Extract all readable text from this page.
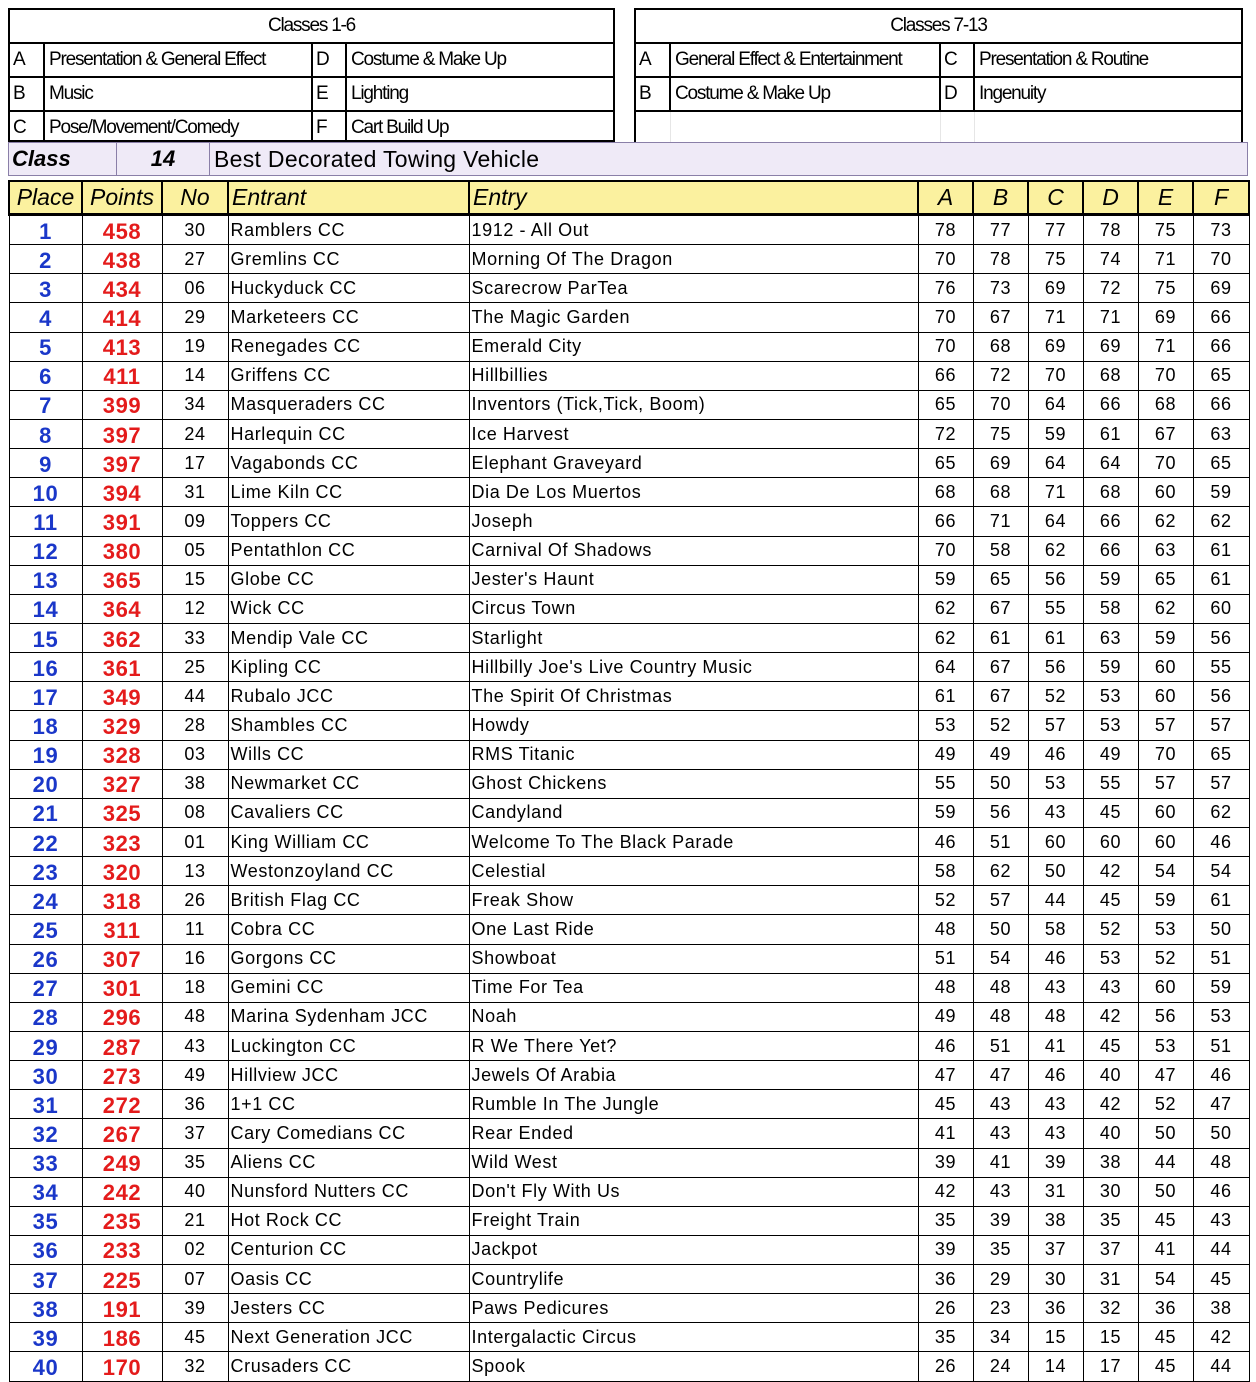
Classes 1-6			
A	Presentation & General Effect	D	Costume & Make Up
B	Music	E	Lighting
C	Pose/Movement/Comedy	F	Cart Build Up
Classes 7-13			
A	General Effect & Entertainment	C	Presentation & Routine
B	Costume & Make Up	D	Ingenuity

Class	14	Best Decorated Towing Vehicle
Place	Points	No	Entrant	Entry	A	B	C	D	E	F
1	458	30	Ramblers CC	1912 - All Out	78	77	77	78	75	73
2	438	27	Gremlins CC	Morning Of The Dragon	70	78	75	74	71	70
3	434	06	Huckyduck CC	Scarecrow ParTea	76	73	69	72	75	69
4	414	29	Marketeers CC	The Magic Garden	70	67	71	71	69	66
5	413	19	Renegades CC	Emerald City	70	68	69	69	71	66
6	411	14	Griffens CC	Hillbillies	66	72	70	68	70	65
7	399	34	Masqueraders CC	Inventors (Tick,Tick, Boom)	65	70	64	66	68	66
8	397	24	Harlequin CC	Ice Harvest	72	75	59	61	67	63
9	397	17	Vagabonds CC	Elephant Graveyard	65	69	64	64	70	65
10	394	31	Lime Kiln CC	Dia De Los Muertos	68	68	71	68	60	59
11	391	09	Toppers CC	Joseph	66	71	64	66	62	62
12	380	05	Pentathlon CC	Carnival Of Shadows	70	58	62	66	63	61
13	365	15	Globe CC	Jester's Haunt	59	65	56	59	65	61
14	364	12	Wick CC	Circus Town	62	67	55	58	62	60
15	362	33	Mendip Vale CC	Starlight	62	61	61	63	59	56
16	361	25	Kipling CC	Hillbilly Joe's Live Country Music	64	67	56	59	60	55
17	349	44	Rubalo JCC	The Spirit Of Christmas	61	67	52	53	60	56
18	329	28	Shambles CC	Howdy	53	52	57	53	57	57
19	328	03	Wills CC	RMS Titanic	49	49	46	49	70	65
20	327	38	Newmarket CC	Ghost Chickens	55	50	53	55	57	57
21	325	08	Cavaliers CC	Candyland	59	56	43	45	60	62
22	323	01	King William CC	Welcome To The Black Parade	46	51	60	60	60	46
23	320	13	Westonzoyland CC	Celestial	58	62	50	42	54	54
24	318	26	British Flag CC	Freak Show	52	57	44	45	59	61
25	311	11	Cobra CC	One Last Ride	48	50	58	52	53	50
26	307	16	Gorgons CC	Showboat	51	54	46	53	52	51
27	301	18	Gemini CC	Time For Tea	48	48	43	43	60	59
28	296	48	Marina Sydenham JCC	Noah	49	48	48	42	56	53
29	287	43	Luckington CC	R We There Yet?	46	51	41	45	53	51
30	273	49	Hillview JCC	Jewels Of Arabia	47	47	46	40	47	46
31	272	36	1+1 CC	Rumble In The Jungle	45	43	43	42	52	47
32	267	37	Cary Comedians CC	Rear Ended	41	43	43	40	50	50
33	249	35	Aliens CC	Wild West	39	41	39	38	44	48
34	242	40	Nunsford Nutters CC	Don't Fly With Us	42	43	31	30	50	46
35	235	21	Hot Rock CC	Freight Train	35	39	38	35	45	43
36	233	02	Centurion CC	Jackpot	39	35	37	37	41	44
37	225	07	Oasis CC	Countrylife	36	29	30	31	54	45
38	191	39	Jesters CC	Paws Pedicures	26	23	36	32	36	38
39	186	45	Next Generation JCC	Intergalactic Circus	35	34	15	15	45	42
40	170	32	Crusaders CC	Spook	26	24	14	17	45	44
